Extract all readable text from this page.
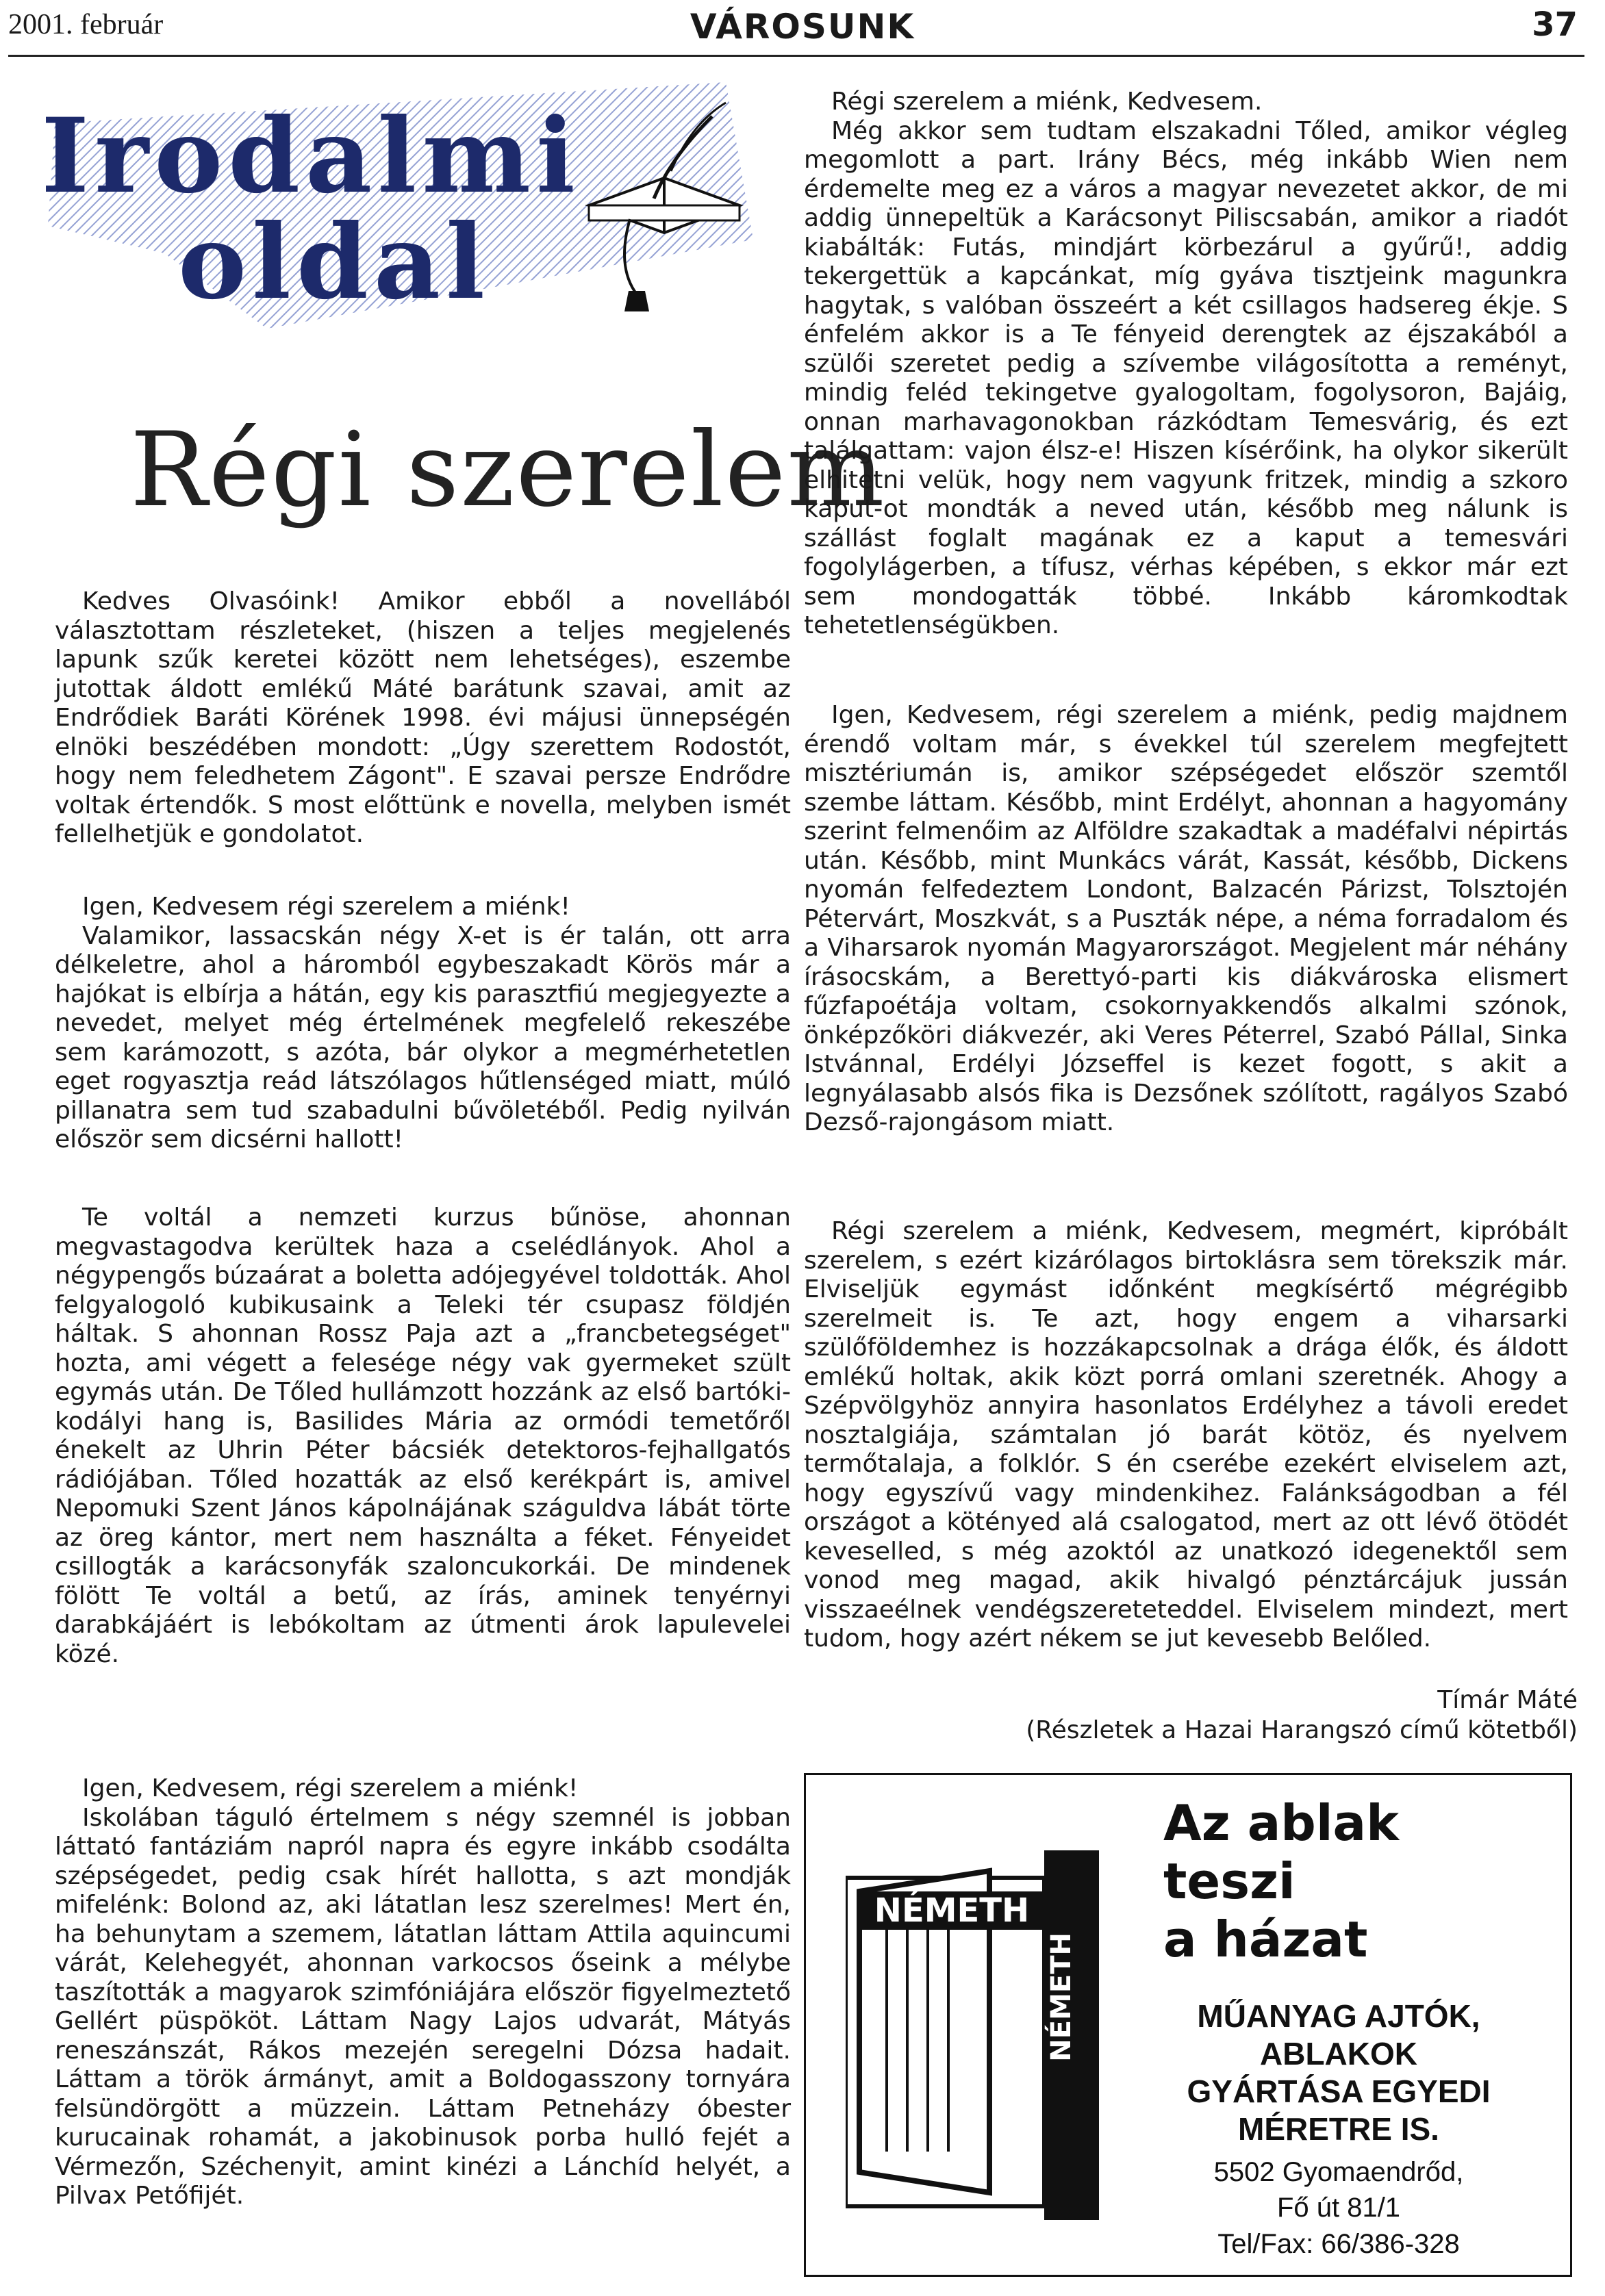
2001. február	VÁROSUNK	37
Irodalmi
oldal
Régi szerelem

Kedves Olvasóink! Amikor ebből a novellából választottam részleteket, (hiszen a teljes megjelenés lapunk szűk keretei között nem lehetséges), eszembe jutottak áldott emlékű Máté barátunk szavai, amit az Endrődiek Baráti Körének 1998. évi májusi ünnepségén elnöki beszédében mondott: „Úgy szerettem Rodostót, hogy nem feledhetem Zágont". E szavai persze Endrődre voltak értendők. S most előttünk e novella, melyben ismét fellelhetjük e gondolatot.

Igen, Kedvesem régi szerelem a miénk!

Valamikor, lassacskán négy X-et is ér talán, ott arra délkeletre, ahol a háromból egybeszakadt Körös már a hajókat is elbírja a hátán, egy kis parasztfiú megjegyezte a nevedet, melyet még értelmének megfelelő rekeszébe sem karámozott, s azóta, bár olykor a megmérhetetlen eget rogyasztja reád látszólagos hűtlenséged miatt, múló pillanatra sem tud szabadulni bűvöletéből. Pedig nyilván először sem dicsérni hallott!

Te voltál a nemzeti kurzus bűnöse, ahonnan megvastagodva kerültek haza a cselédlányok. Ahol a négypengős búzaárat a boletta adójegyével toldották. Ahol felgyalogoló kubikusaink a Teleki tér csupasz földjén háltak. S ahonnan Rossz Paja azt a „francbetegséget" hozta, ami végett a felesége négy vak gyermeket szült egymás után. De Tőled hullámzott hozzánk az első bartóki-kodályi hang is, Basilides Mária az ormódi temetőről énekelt az Uhrin Péter bácsiék detektoros-fejhallgatós rádiójában. Tőled hozatták az első kerékpárt is, amivel Nepomuki Szent János kápolnájának száguldva lábát törte az öreg kántor, mert nem használta a féket. Fényeidet csillogták a karácsonyfák szaloncukorkái. De mindenek fölött Te voltál a betű, az írás, aminek tenyérnyi darabkájáért is lebókoltam az útmenti árok lapulevelei közé.

Igen, Kedvesem, régi szerelem a miénk!

Iskolában táguló értelmem s négy szemnél is jobban láttató fantáziám napról napra és egyre inkább csodálta szépségedet, pedig csak hírét hallotta, s azt mondják mifelénk: Bolond az, aki látatlan lesz szerelmes! Mert én, ha behunytam a szemem, látatlan láttam Attila aquincumi várát, Kelehegyét, ahonnan varkocsos őseink a mélybe taszították a magyarok szimfóniájára először figyelmeztető Gellért püspököt. Láttam Nagy Lajos udvarát, Mátyás reneszánszát, Rákos mezején seregelni Dózsa hadait. Láttam a török ármányt, amit a Boldogasszony tornyára felsündörgött a müzzein. Láttam Petneházy óbester kurucainak rohamát, a jakobinusok porba hulló fejét a Vérmezőn, Széchenyit, amint kinézi a Lánchíd helyét, a Pilvax Petőfijét.

Régi szerelem a miénk, Kedvesem.

Még akkor sem tudtam elszakadni Tőled, amikor végleg megomlott a part. Irány Bécs, még inkább Wien nem érdemelte meg ez a város a magyar nevezetet akkor, de mi addig ünnepeltük a Karácsonyt Piliscsabán, amikor a riadót kiabálták: Futás, mindjárt körbezárul a gyűrű!, addig tekergettük a kapcánkat, míg gyáva tisztjeink magunkra hagytak, s valóban összeért a két csillagos hadsereg ékje. S énfelém akkor is a Te fényeid derengtek az éjszakából a szülői szeretet pedig a szívembe világosította a reményt, mindig feléd tekingetve gyalogoltam, fogolysoron, Bajáig, onnan marhavagonokban rázkódtam Temesvárig, és ezt találgattam: vajon élsz-e! Hiszen kísérőink, ha olykor sikerült elhitetni velük, hogy nem vagyunk fritzek, mindig a szkoro kaput-ot mondták a neved után, később meg nálunk is szállást foglalt magának ez a kaput a temesvári fogolylágerben, a tífusz, vérhas képében, s ekkor már ezt sem mondogatták többé. Inkább káromkodtak tehetetlenségükben.

Igen, Kedvesem, régi szerelem a miénk, pedig majdnem érendő voltam már, s évekkel túl szerelem megfejtett misztériumán is, amikor szépségedet először szemtől szembe láttam. Később, mint Erdélyt, ahonnan a hagyomány szerint felmenőim az Alföldre szakadtak a madéfalvi népirtás után. Később, mint Munkács várát, Kassát, később, Dickens nyomán felfedeztem Londont, Balzacén Párizst, Tolsztojén Pétervárt, Moszkvát, s a Puszták népe, a néma forradalom és a Viharsarok nyomán Magyarországot. Megjelent már néhány írásocskám, a Berettyó-parti kis diákvároska elismert fűzfapoétája voltam, csokornyakkendős alkalmi szónok, önképzőköri diákvezér, aki Veres Péterrel, Szabó Pállal, Sinka Istvánnal, Erdélyi Józseffel is kezet fogott, s akit a legnyálasabb alsós fika is Dezsőnek szólított, ragályos Szabó Dezső-rajongásom miatt.

Régi szerelem a miénk, Kedvesem, megmért, kipróbált szerelem, s ezért kizárólagos birtoklásra sem törekszik már. Elviseljük egymást időnként megkísértő mégrégibb szerelmeit is. Te azt, hogy engem a viharsarki szülőföldemhez is hozzákapcsolnak a drága élők, és áldott emlékű holtak, akik közt porrá omlani szeretnék. Ahogy a Szépvölgyhöz annyira hasonlatos Erdélyhez a távoli eredet nosztalgiája, számtalan jó barát kötöz, és nyelvem termőtalaja, a folklór. S én cserébe ezekért elviselem azt, hogy egyszívű vagy mindenkihez. Falánkságodban a fél országot a kötényed alá csalogatod, mert az ott lévő ötödét keveselled, s még azoktól az unatkozó idegenektől sem vonod meg magad, akik hivalgó pénztárcájuk jussán visszaeélnek vendégszereteteddel. Elviselem mindezt, mert tudom, hogy azért nékem se jut kevesebb Belőled.

Tímár Máté
(Részletek a Hazai Harangszó című kötetből)
NÉMETH
NÉMETH
Az ablak
teszi
a házat
MŰANYAG AJTÓK,
ABLAKOK
GYÁRTÁSA EGYEDI
MÉRETRE IS.
5502 Gyomaendrőd,
Fő út 81/1
Tel/Fax: 66/386-328
